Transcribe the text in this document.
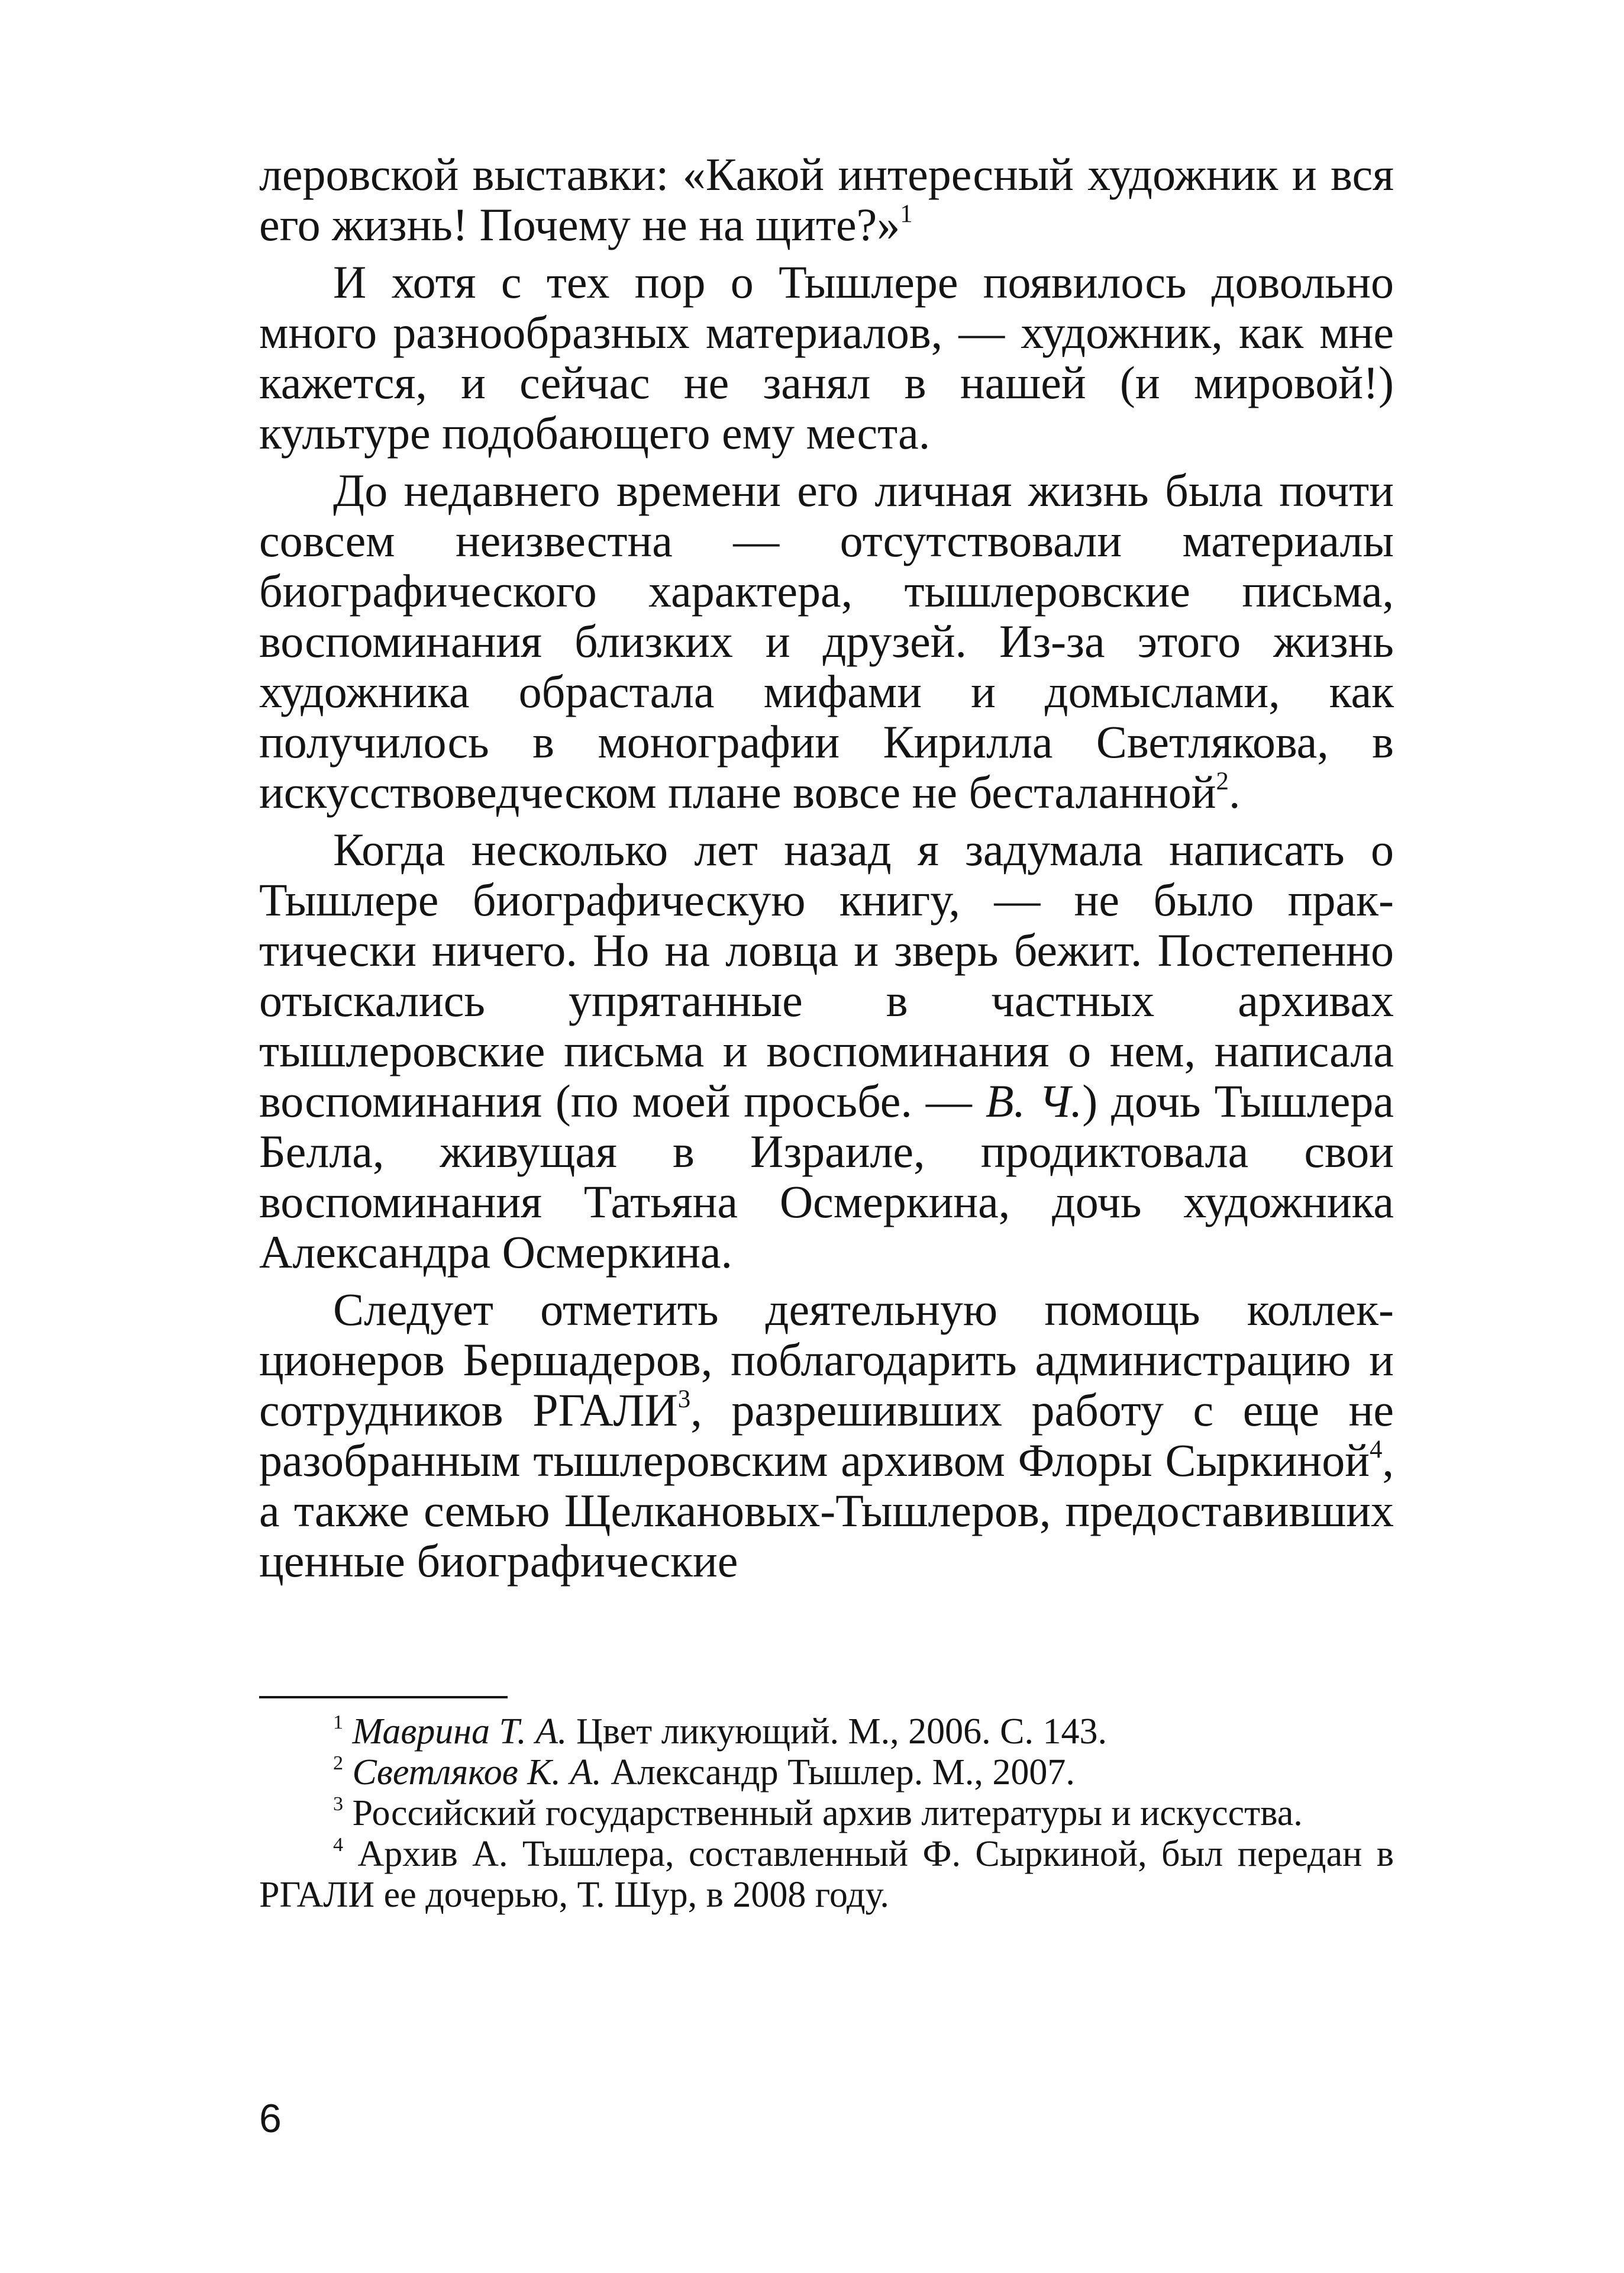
леровской выставки: «Какой интересный художник и вся его жизнь! Почему не на щите?»$^1$

И хотя с тех пор о Тышлере появилось довольно много разнообразных материалов, — художник, как мне кажется, и сейчас не занял в нашей (и мировой!) культуре подобающего ему места.

До недавнего времени его личная жизнь была почти совсем неизвестна — отсутствовали материалы биографического характера, тышлеровские письма, воспоминания близких и друзей. Из-за этого жизнь художника обрастала мифами и домыслами, как получилось в монографии Кирилла Светлякова, в искусствоведческом плане вовсе не бесталанной$^2$.

Когда несколько лет назад я задумала написать о Тышлере биографическую книгу, — не было практически ничего. Но на ловца и зверь бежит. Постепенно отыскались упрятанные в частных архивах тышлеровские письма и воспоминания о нем, написала воспоминания (по моей просьбе. — В. Ч.) дочь Тышлера Белла, живущая в Израиле, продиктовала свои воспоминания Татьяна Осмеркина, дочь художника Александра Осмеркина.

Следует отметить деятельную помощь коллекционеров Бершадеров, поблагодарить администрацию и сотрудников РГАЛИ$^3$, разрешивших работу с еще не разобранным тышлеровским архивом Флоры Сыркиной$^4$, а также семью Щелкановых-Тышлеров, предоставивших ценные биографические

$^1$ Маврина Т. А. Цвет ликующий. М., 2006. С. 143.

$^2$ Светляков К. А. Александр Тышлер. М., 2007.

$^3$ Российский государственный архив литературы и искусства.

$^4$ Архив А. Тышлера, составленный Ф. Сыркиной, был передан в РГАЛИ ее дочерью, Т. Шур, в 2008 году.

6
